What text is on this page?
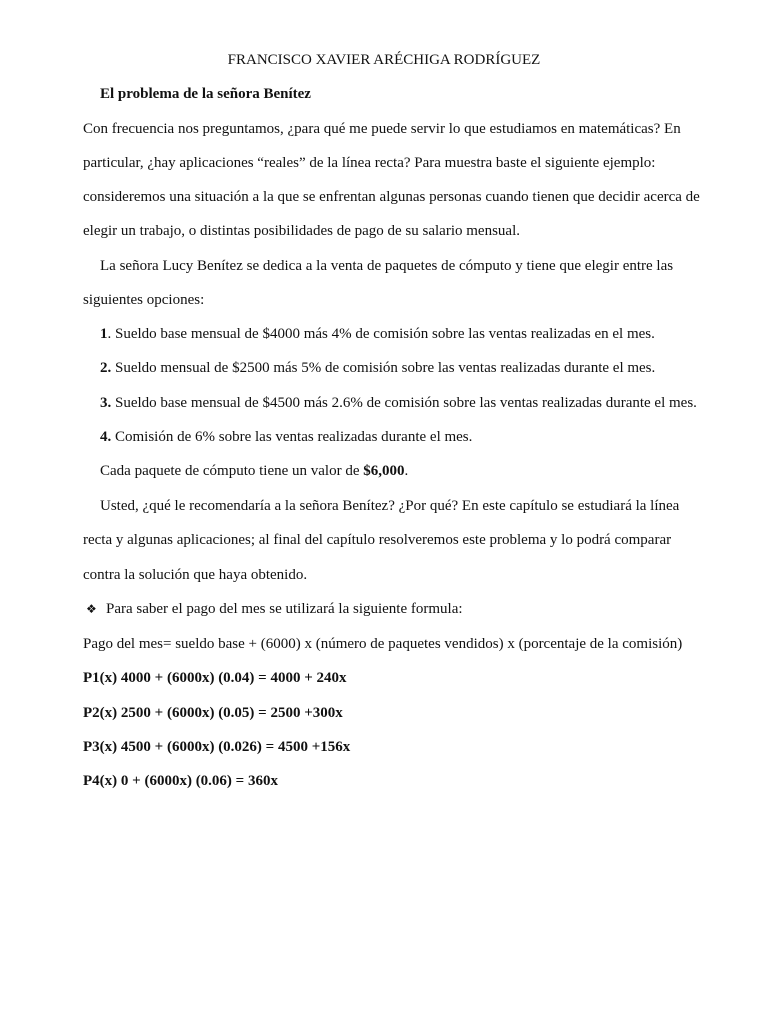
FRANCISCO XAVIER ARÉCHIGA RODRÍGUEZ
El problema de la señora Benítez
Con frecuencia nos preguntamos, ¿para qué me puede servir lo que estudiamos en matemáticas? En
particular, ¿hay aplicaciones “reales” de la línea recta? Para muestra baste el siguiente ejemplo:
consideremos una situación a la que se enfrentan algunas personas cuando tienen que decidir acerca de
elegir un trabajo, o distintas posibilidades de pago de su salario mensual.
La señora Lucy Benítez se dedica a la venta de paquetes de cómputo y tiene que elegir entre las
siguientes opciones:
1. Sueldo base mensual de $4000 más 4% de comisión sobre las ventas realizadas en el mes.
2. Sueldo mensual de $2500 más 5% de comisión sobre las ventas realizadas durante el mes.
3. Sueldo base mensual de $4500 más 2.6% de comisión sobre las ventas realizadas durante el mes.
4. Comisión de 6% sobre las ventas realizadas durante el mes.
Cada paquete de cómputo tiene un valor de $6,000.
Usted, ¿qué le recomendaría a la señora Benítez? ¿Por qué? En este capítulo se estudiará la línea
recta y algunas aplicaciones; al final del capítulo resolveremos este problema y lo podrá comparar
contra la solución que haya obtenido.
❖ Para saber el pago del mes se utilizará la siguiente formula:
Pago del mes= sueldo base + (6000) x (número de paquetes vendidos) x (porcentaje de la comisión)
P1(x) 4000 + (6000x) (0.04) = 4000 + 240x
P2(x) 2500 + (6000x) (0.05) = 2500 +300x
P3(x) 4500 + (6000x) (0.026) = 4500 +156x
P4(x) 0 + (6000x) (0.06) = 360x
